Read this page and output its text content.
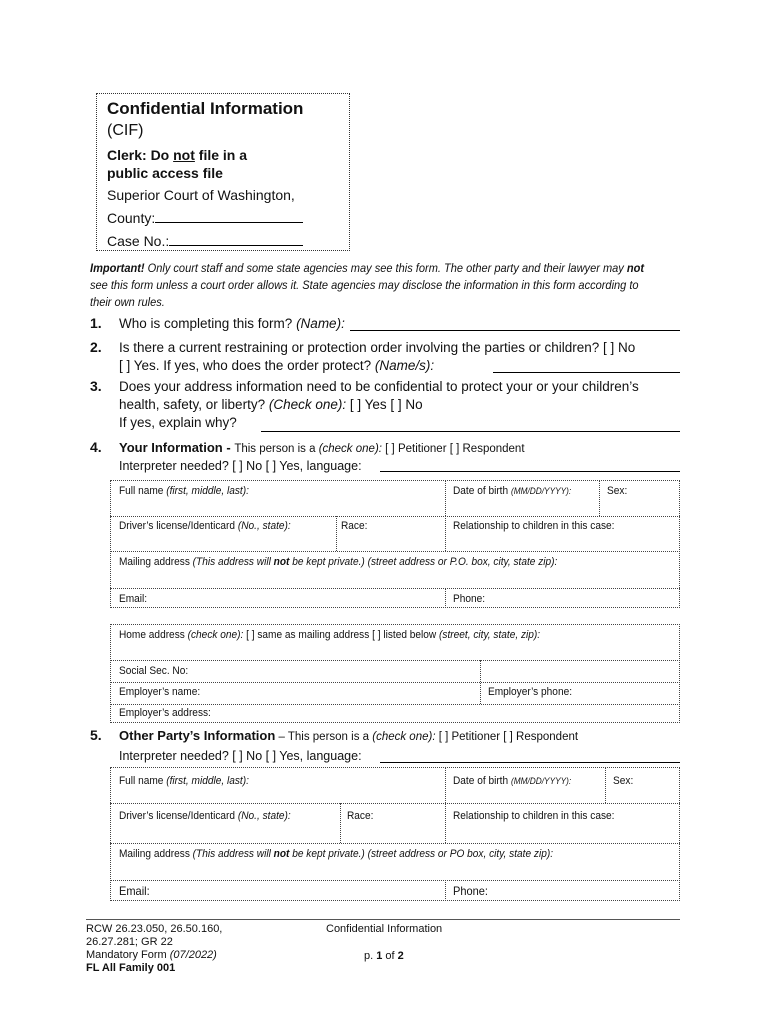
Confidential Information
(CIF)
Clerk: Do not file in a
public access file
Superior Court of Washington,
County:
Case No.:
Important! Only court staff and some state agencies may see this form. The other party and their lawyer may not
see this form unless a court order allows it. State agencies may disclose the information in this form according to
their own rules.
1. Who is completing this form? (Name):
2. Is there a current restraining or protection order involving the parties or children? [ ] No
[ ] Yes. If yes, who does the order protect? (Name/s):
3. Does your address information need to be confidential to protect your or your children’s
health, safety, or liberty? (Check one): [ ] Yes [ ] No
If yes, explain why?
4. Your Information - This person is a (check one): [ ] Petitioner [ ] Respondent
Interpreter needed? [ ] No [ ] Yes, language:
Full name (first, middle, last):	Date of birth (MM/DD/YYYY):	Sex:
Driver’s license/Identicard (No., state):	Race:	Relationship to children in this case:
Mailing address (This address will not be kept private.) (street address or P.O. box, city, state zip):
Email:	Phone:
Home address (check one): [ ] same as mailing address [ ] listed below (street, city, state, zip):
Social Sec. No:
Employer’s name:	Employer’s phone:
Employer’s address:
5. Other Party’s Information – This person is a (check one): [ ] Petitioner [ ] Respondent
Interpreter needed? [ ] No [ ] Yes, language:
Full name (first, middle, last):	Date of birth (MM/DD/YYYY):	Sex:
Driver’s license/Identicard (No., state):	Race:	Relationship to children in this case:
Mailing address (This address will not be kept private.) (street address or PO box, city, state zip):
Email:	Phone:
RCW 26.23.050, 26.50.160,
26.27.281; GR 22
Mandatory Form (07/2022)
FL All Family 001
Confidential Information
p. 1 of 2
